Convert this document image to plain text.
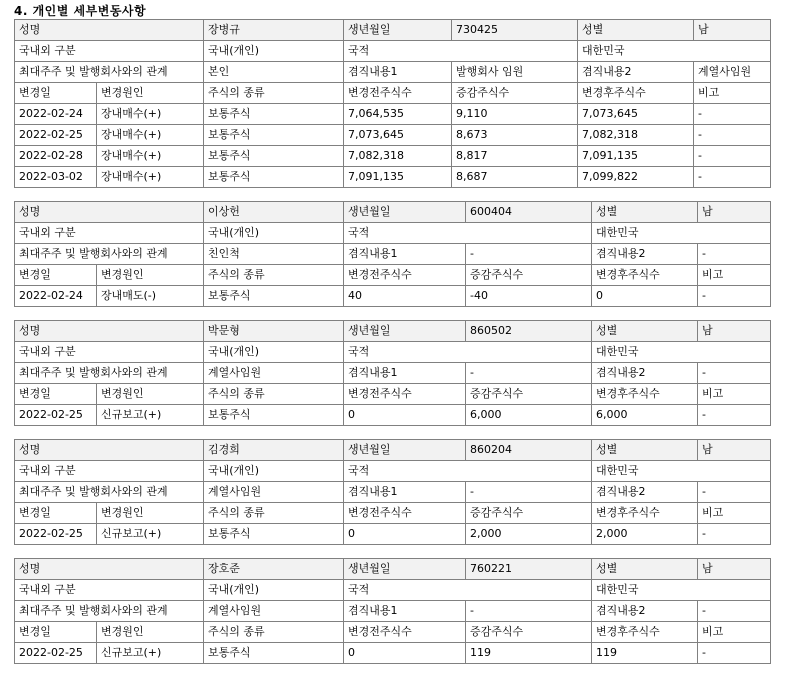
4. 개인별 세부변동사항
성명		장병규	생년월일	730425	성별	남
국내외 구분		국내(개인)	국적		대한민국	
최대주주 및 발행회사와의 관계		본인	겸직내용1	발행회사 임원	겸직내용2	계열사임원
변경일	변경원인	주식의 종류	변경전주식수	증감주식수	변경후주식수	비고
2022-02-24	장내매수(+)	보통주식	7,064,535	9,110	7,073,645	-
2022-02-25	장내매수(+)	보통주식	7,073,645	8,673	7,082,318	-
2022-02-28	장내매수(+)	보통주식	7,082,318	8,817	7,091,135	-
2022-03-02	장내매수(+)	보통주식	7,091,135	8,687	7,099,822	-
성명		이상헌	생년월일	600404	성별	남
국내외 구분		국내(개인)	국적		대한민국	
최대주주 및 발행회사와의 관계		친인척	겸직내용1	-	겸직내용2	-
변경일	변경원인	주식의 종류	변경전주식수	증감주식수	변경후주식수	비고
2022-02-24	장내매도(-)	보통주식	40	-40	0	-
성명		박문형	생년월일	860502	성별	남
국내외 구분		국내(개인)	국적		대한민국	
최대주주 및 발행회사와의 관계		계열사임원	겸직내용1	-	겸직내용2	-
변경일	변경원인	주식의 종류	변경전주식수	증감주식수	변경후주식수	비고
2022-02-25	신규보고(+)	보통주식	0	6,000	6,000	-
성명		김경희	생년월일	860204	성별	남
국내외 구분		국내(개인)	국적		대한민국	
최대주주 및 발행회사와의 관계		계열사임원	겸직내용1	-	겸직내용2	-
변경일	변경원인	주식의 종류	변경전주식수	증감주식수	변경후주식수	비고
2022-02-25	신규보고(+)	보통주식	0	2,000	2,000	-
성명		장호준	생년월일	760221	성별	남
국내외 구분		국내(개인)	국적		대한민국	
최대주주 및 발행회사와의 관계		계열사임원	겸직내용1	-	겸직내용2	-
변경일	변경원인	주식의 종류	변경전주식수	증감주식수	변경후주식수	비고
2022-02-25	신규보고(+)	보통주식	0	119	119	-
